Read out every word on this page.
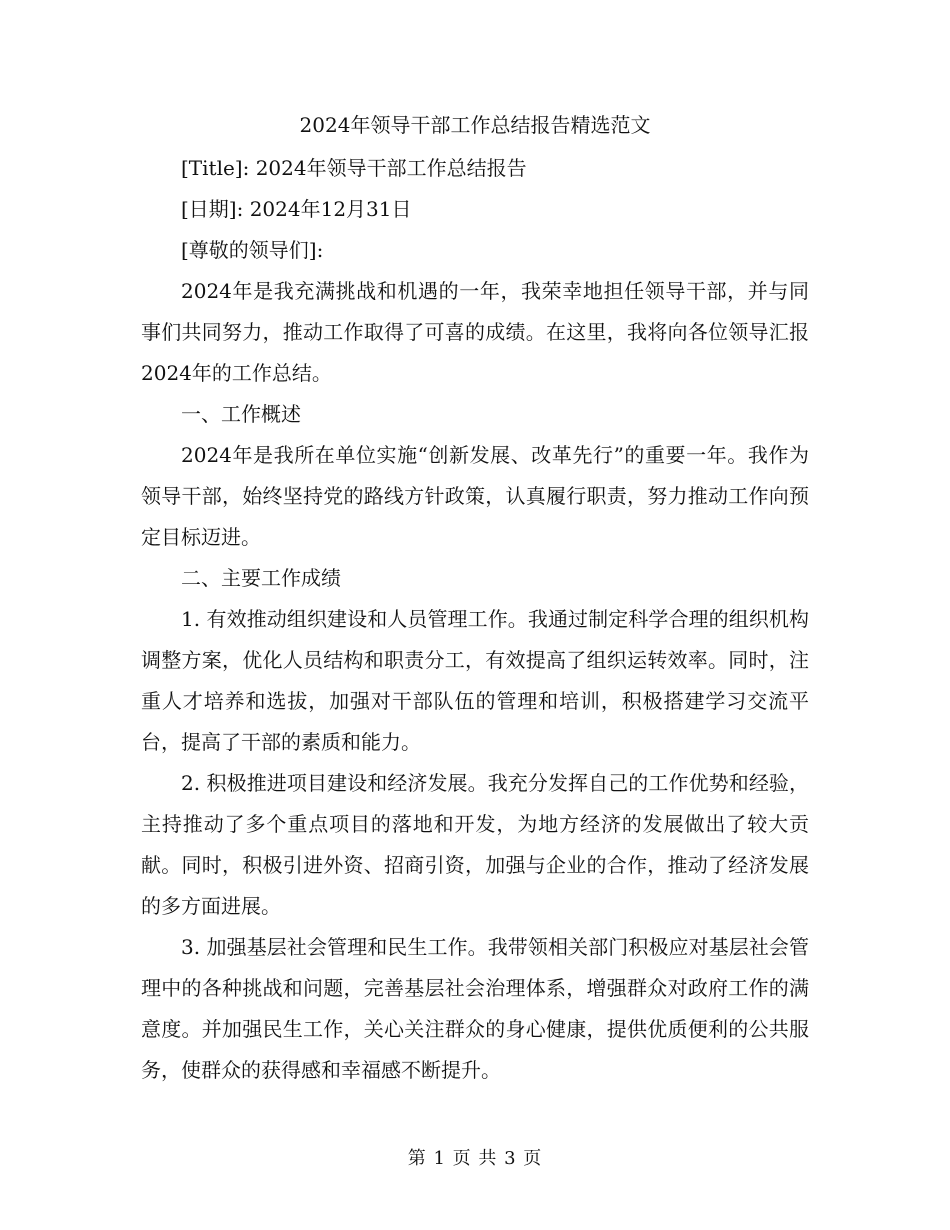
2024年领导干部工作总结报告精选范文

[Title]: 2024年领导干部工作总结报告

[日期]: 2024年12月31日

[尊敬的领导们]:

2024年是我充满挑战和机遇的一年，我荣幸地担任领导干部，并与同事们共同努力，推动工作取得了可喜的成绩。在这里，我将向各位领导汇报2024年的工作总结。

一、工作概述

2024年是我所在单位实施“创新发展、改革先行”的重要一年。我作为领导干部，始终坚持党的路线方针政策，认真履行职责，努力推动工作向预定目标迈进。

二、主要工作成绩

1. 有效推动组织建设和人员管理工作。我通过制定科学合理的组织机构调整方案，优化人员结构和职责分工，有效提高了组织运转效率。同时，注重人才培养和选拔，加强对干部队伍的管理和培训，积极搭建学习交流平台，提高了干部的素质和能力。

2. 积极推进项目建设和经济发展。我充分发挥自己的工作优势和经验，主持推动了多个重点项目的落地和开发，为地方经济的发展做出了较大贡献。同时，积极引进外资、招商引资，加强与企业的合作，推动了经济发展的多方面进展。

3. 加强基层社会管理和民生工作。我带领相关部门积极应对基层社会管理中的各种挑战和问题，完善基层社会治理体系，增强群众对政府工作的满意度。并加强民生工作，关心关注群众的身心健康，提供优质便利的公共服务，使群众的获得感和幸福感不断提升。

第 1 页 共 3 页
